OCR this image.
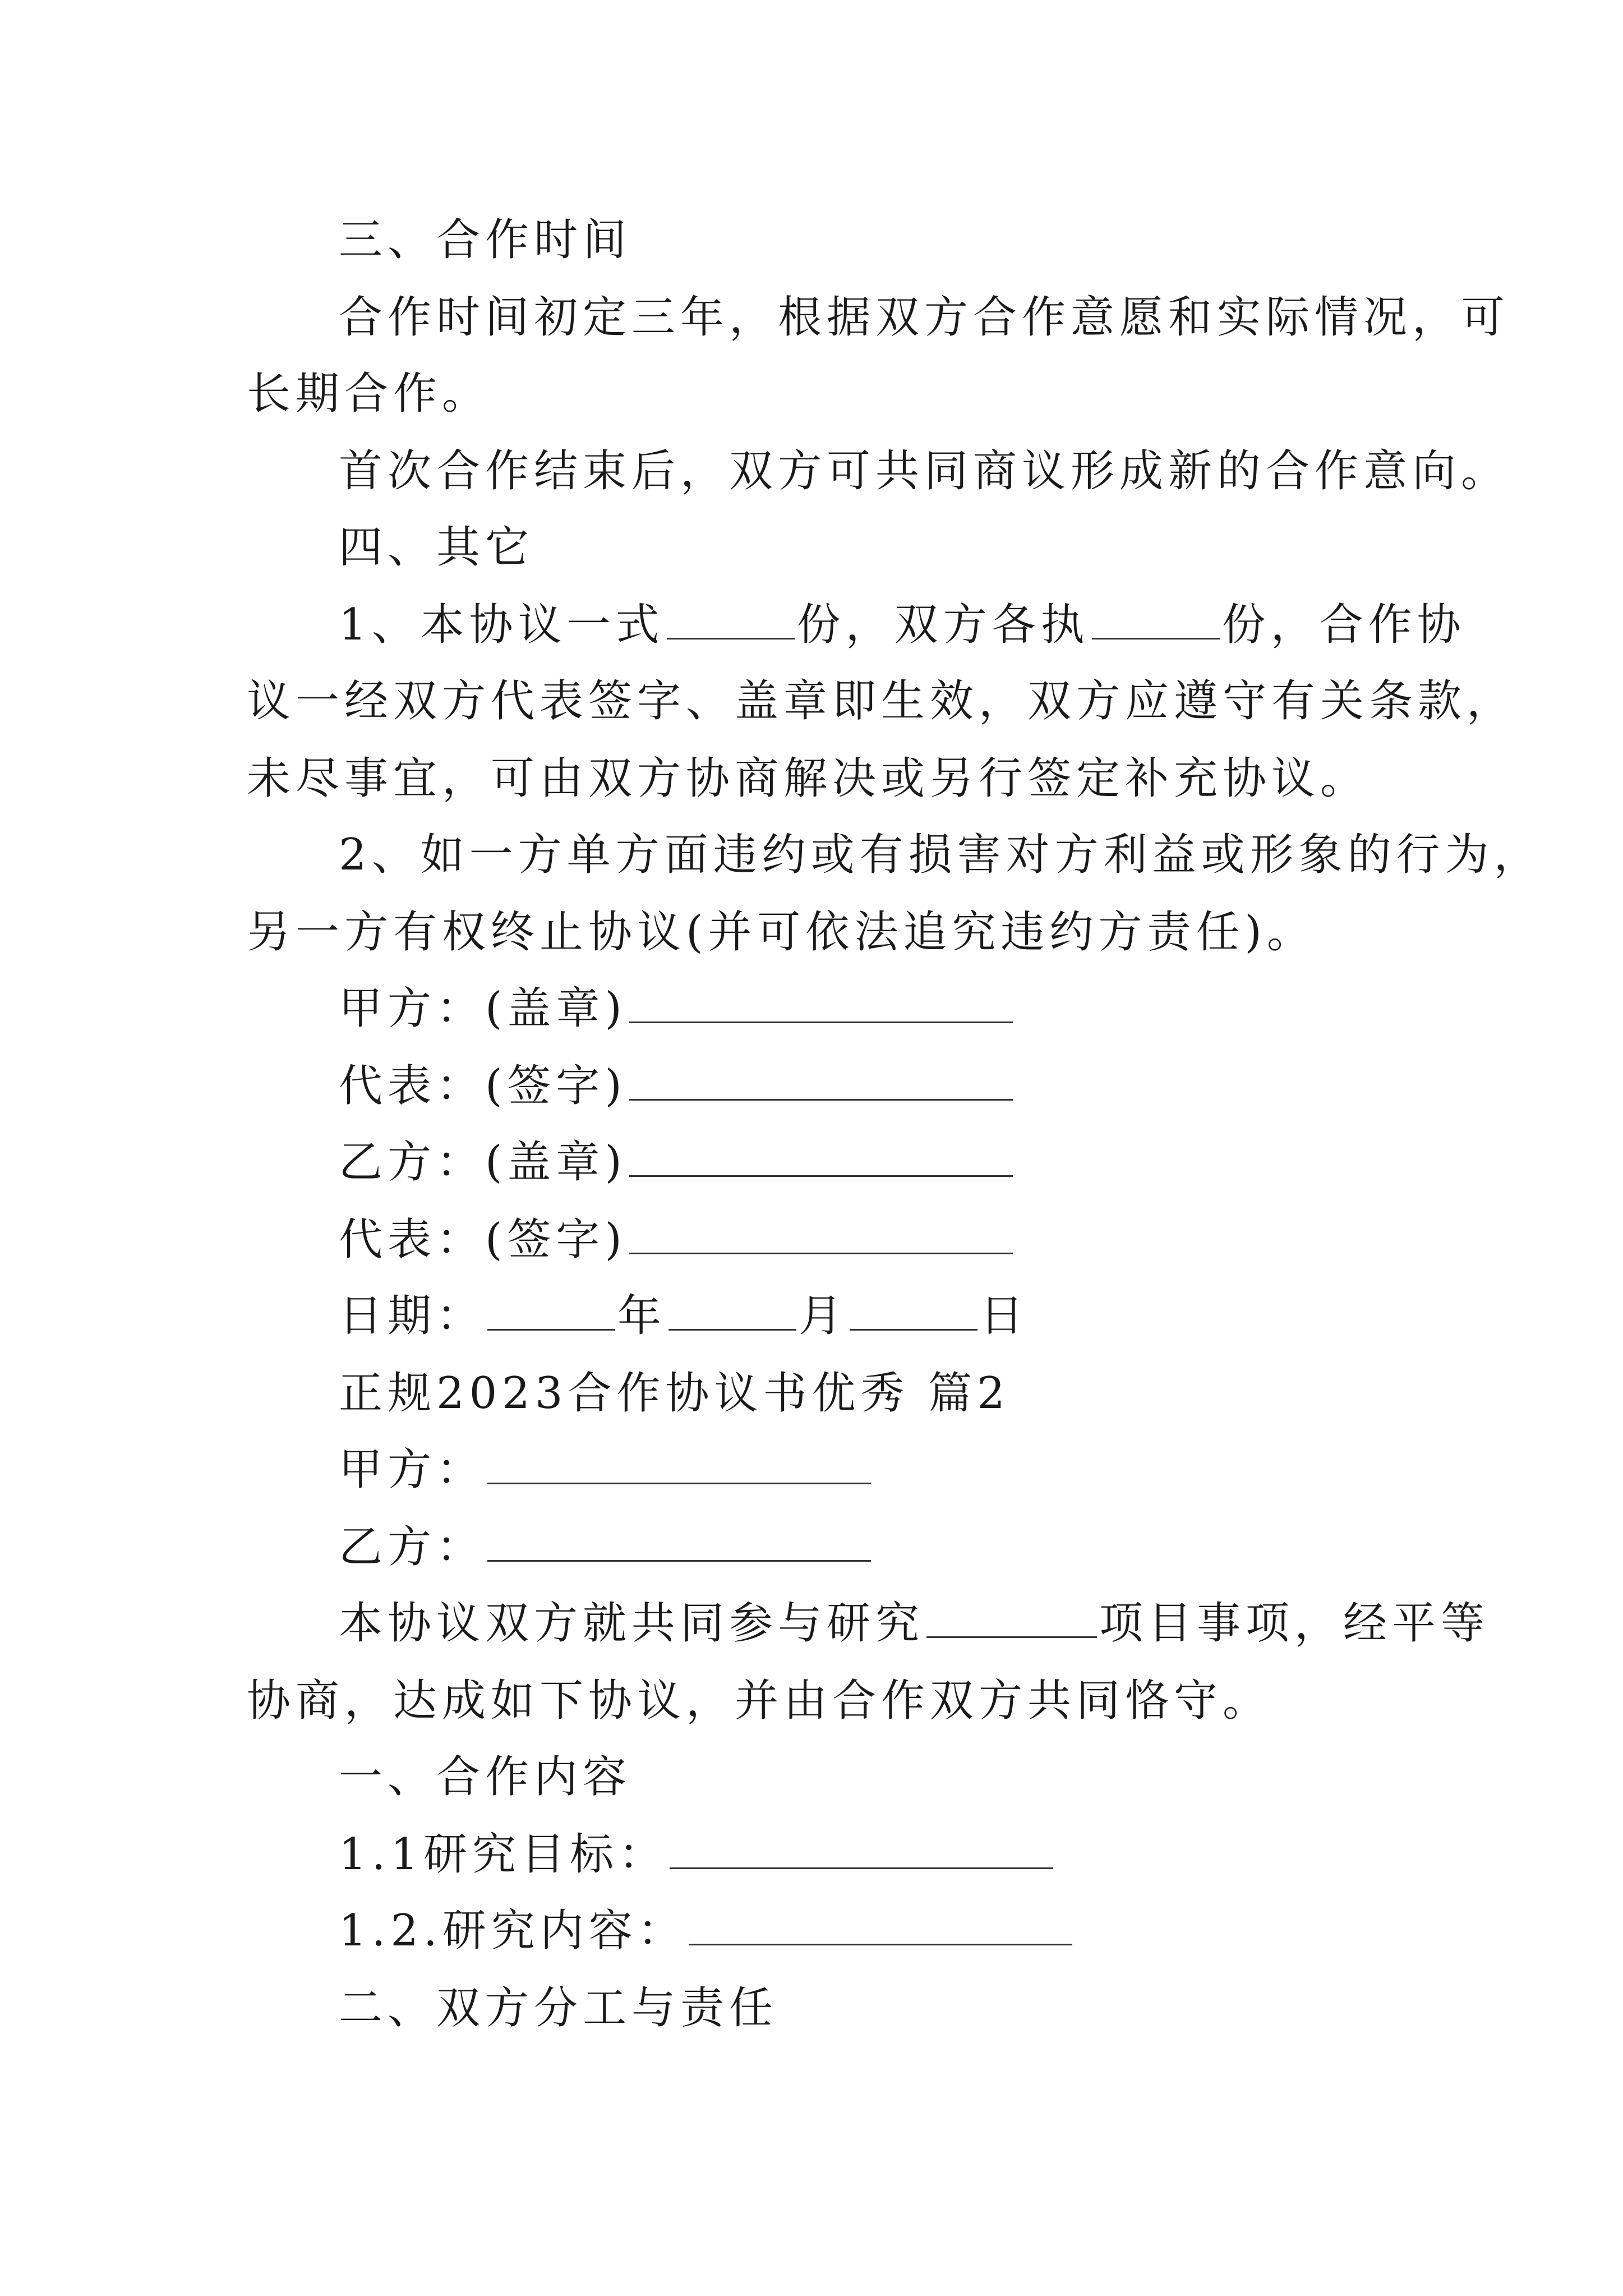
三、合作时间
合作时间初定三年，根据双方合作意愿和实际情况，可
长期合作。
首次合作结束后，双方可共同商议形成新的合作意向。
四、其它
1、本协议一式	份，双方各执	份，合作协
议一经双方代表签字、盖章即生效，双方应遵守有关条款，
未尽事宜，可由双方协商解决或另行签定补充协议。
2、如一方单方面违约或有损害对方利益或形象的行为，
另一方有权终止协议(并可依法追究违约方责任)。
甲方：(盖章)
代表：(签字)
乙方：(盖章)
代表：(签字)
日期：	年	月	日
正规2023合作协议书优秀 篇2
甲方：
乙方：
本协议双方就共同参与研究	项目事项，经平等
协商，达成如下协议，并由合作双方共同恪守。
一、合作内容
1.1研究目标：
1.2.研究内容：
二、双方分工与责任
